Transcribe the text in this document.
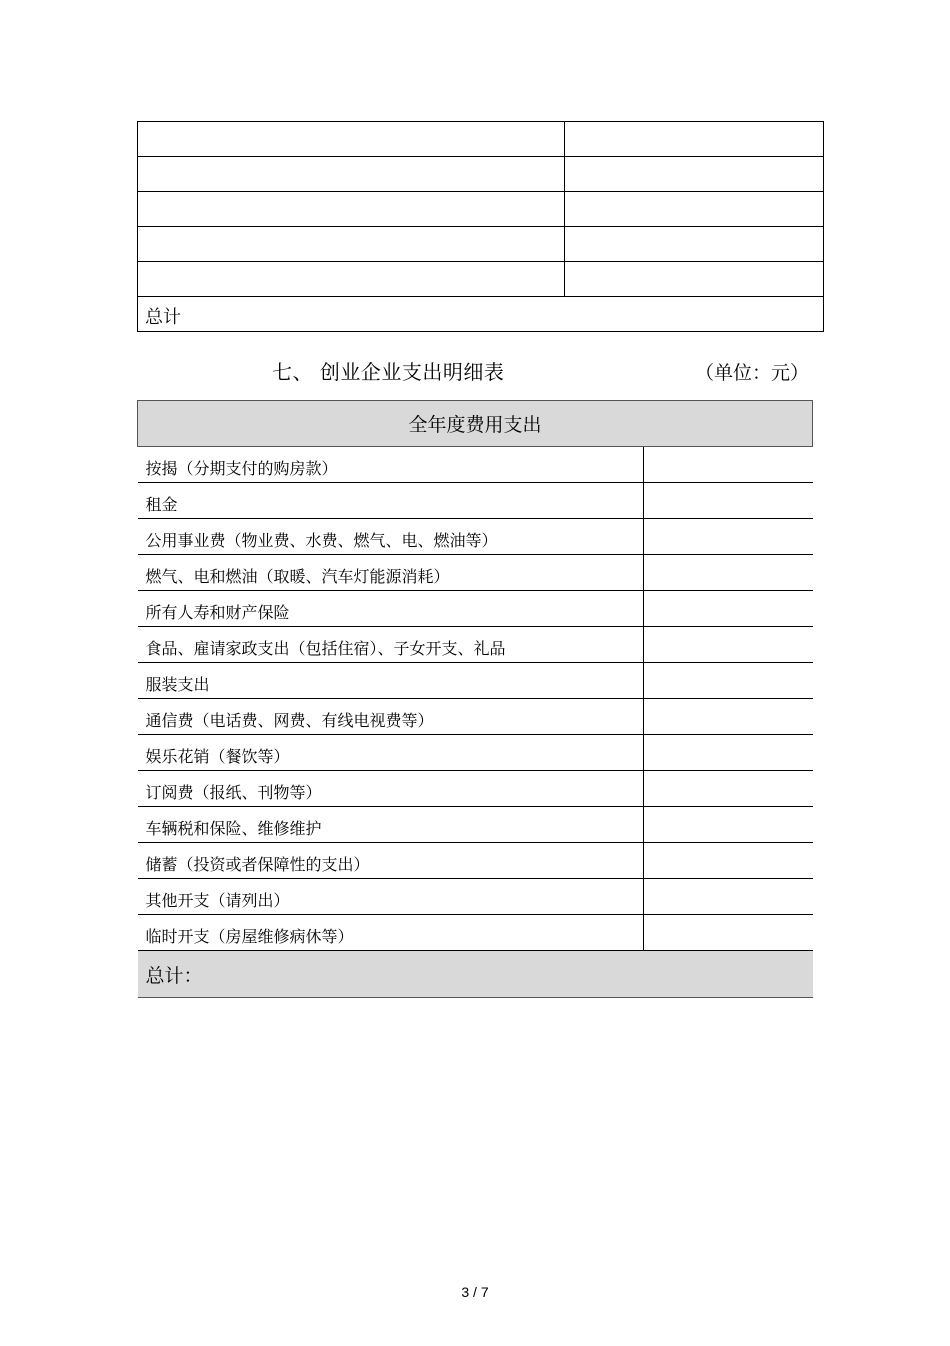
总计	
七、 创业企业支出明细表	（单位：元）
全年度费用支出	
按揭（分期支付的购房款）	
租金	
公用事业费（物业费、水费、燃气、电、燃油等）	
燃气、电和燃油（取暖、汽车灯能源消耗）	
所有人寿和财产保险	
食品、雇请家政支出（包括住宿）、子女开支、礼品	
服装支出	
通信费（电话费、网费、有线电视费等）	
娱乐花销（餐饮等）	
订阅费（报纸、刊物等）	
车辆税和保险、维修维护	
储蓄（投资或者保障性的支出）	
其他开支（请列出）	
临时开支（房屋维修病休等）	
总计：	
3 / 7
